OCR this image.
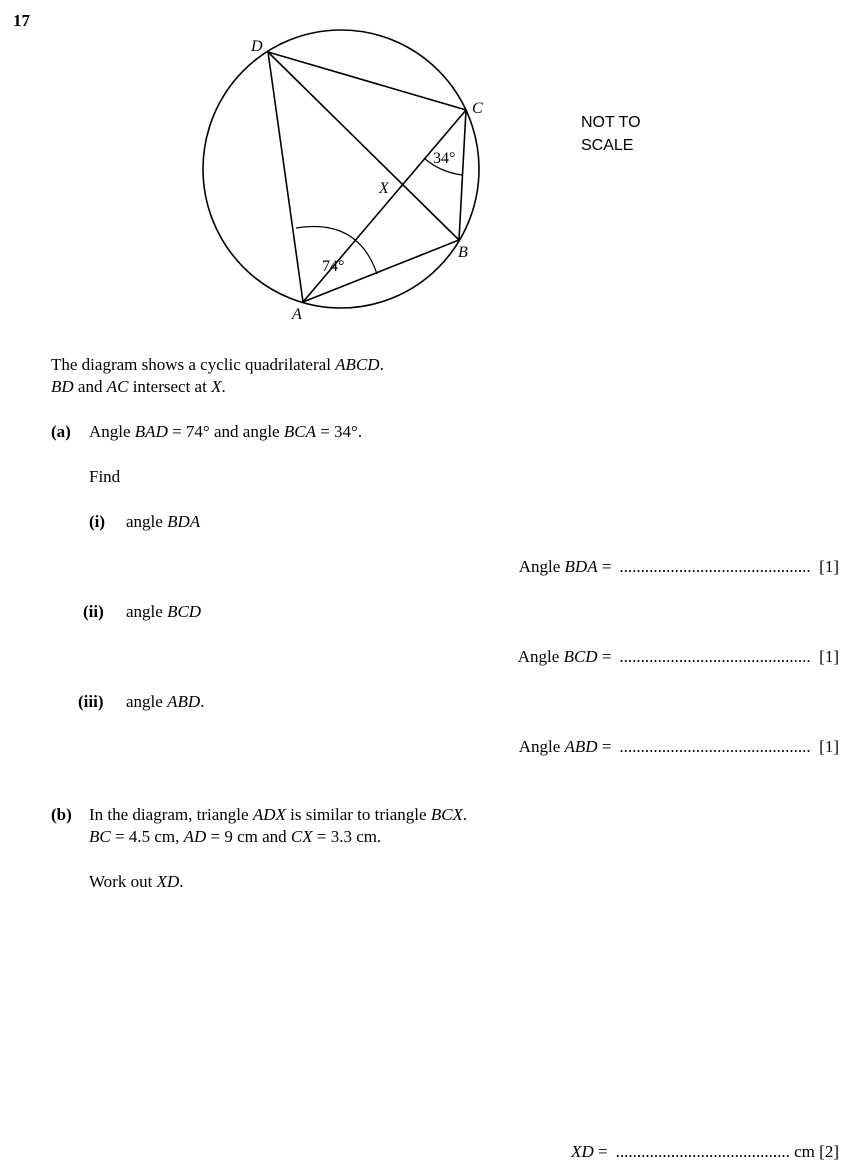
17
D
C
B
A
X
74°
34°
NOT TO
SCALE
The diagram shows a cyclic quadrilateral ABCD.
BD and AC intersect at X.
(a) Angle BAD = 74° and angle BCA = 34°.
Find
(i) angle BDA
Angle BDA = ............................................. [1]
(ii) angle BCD
Angle BCD = ............................................. [1]
(iii) angle ABD.
Angle ABD = ............................................. [1]
(b) In the diagram, triangle ADX is similar to triangle BCX.
BC = 4.5 cm, AD = 9 cm and CX = 3.3 cm.
Work out XD.
XD = ......................................... cm [2]
